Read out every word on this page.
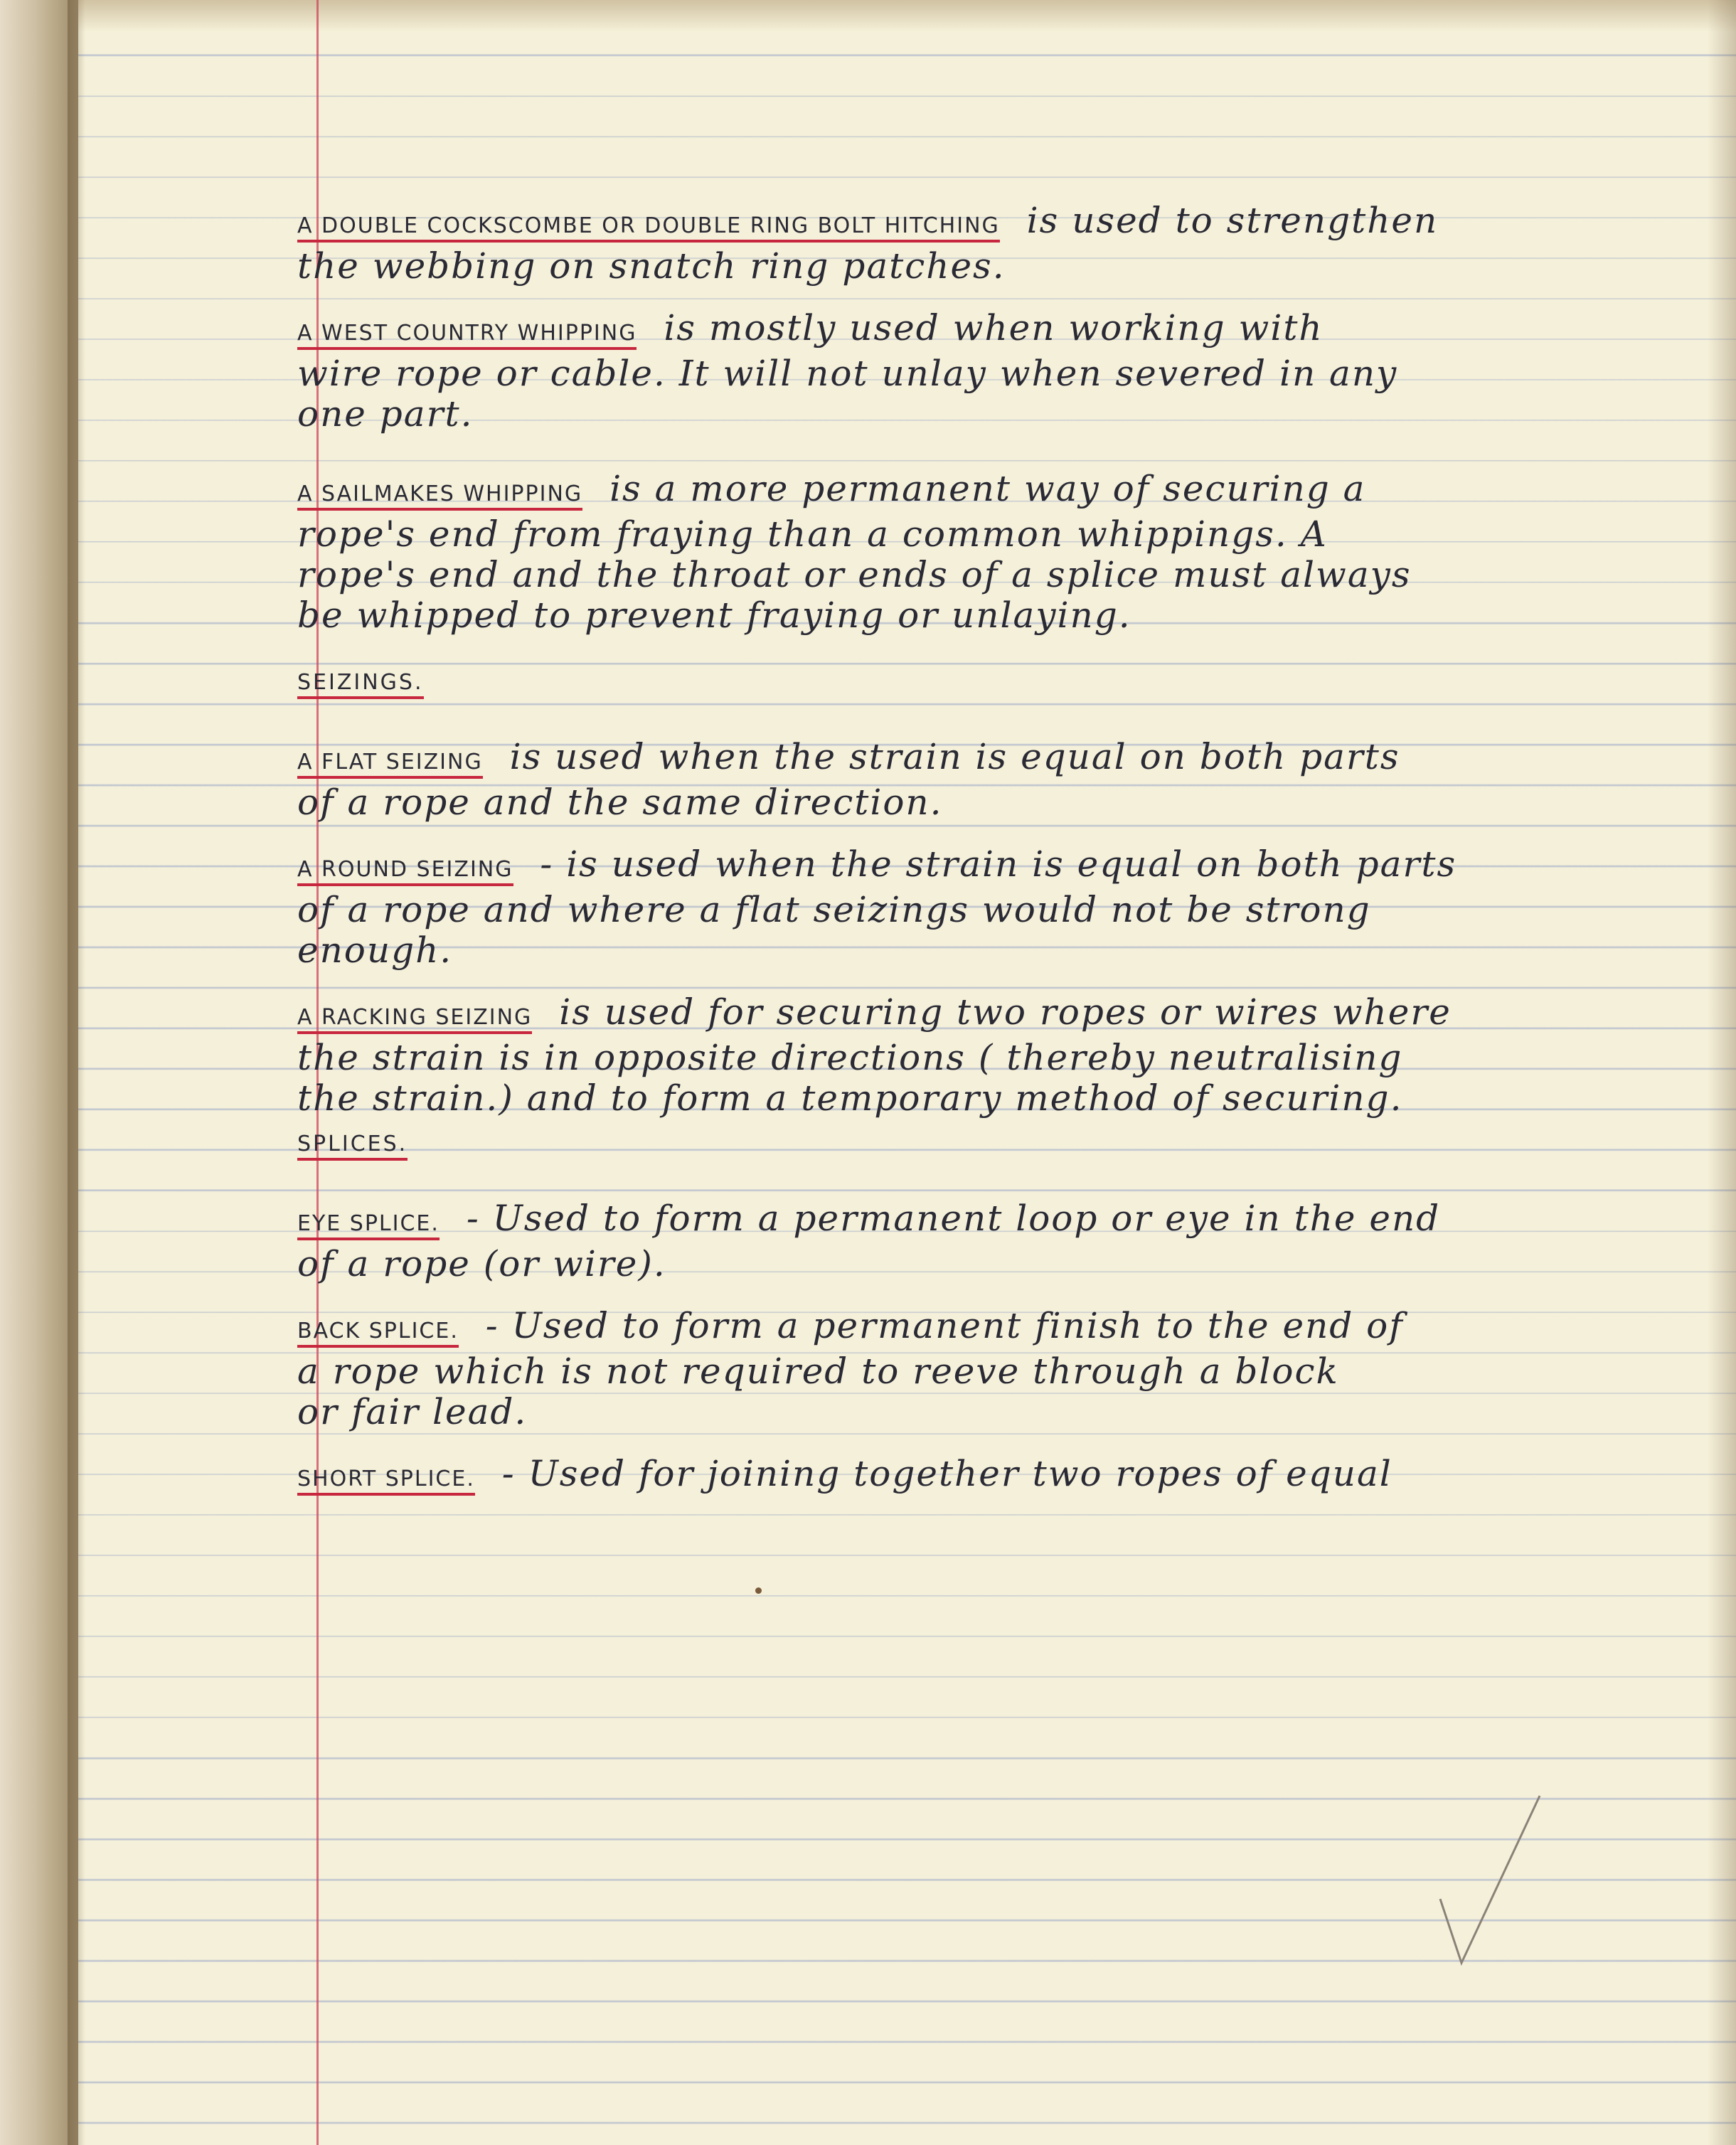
A DOUBLE COCKSCOMBE OR DOUBLE RING BOLT HITCHING is used to strengthen
the webbing on snatch ring patches.
A WEST COUNTRY WHIPPING is mostly used when working with
wire rope or cable. It will not unlay when severed in any
one part.
A SAILMAKES WHIPPING is a more permanent way of securing a
rope's end from fraying than a common whippings. A
rope's end and the throat or ends of a splice must always
be whipped to prevent fraying or unlaying.
SEIZINGS.
A FLAT SEIZING is used when the strain is equal on both parts
of a rope and the same direction.
A ROUND SEIZING - is used when the strain is equal on both parts
of a rope and where a flat seizings would not be strong
enough.
A RACKING SEIZING is used for securing two ropes or wires where
the strain is in opposite directions ( thereby neutralising
the strain.) and to form a temporary method of securing.
SPLICES.
EYE SPLICE. - Used to form a permanent loop or eye in the end
of a rope (or wire).
BACK SPLICE. - Used to form a permanent finish to the end of
a rope which is not required to reeve through a block
or fair lead.
SHORT SPLICE. - Used for joining together two ropes of equal
